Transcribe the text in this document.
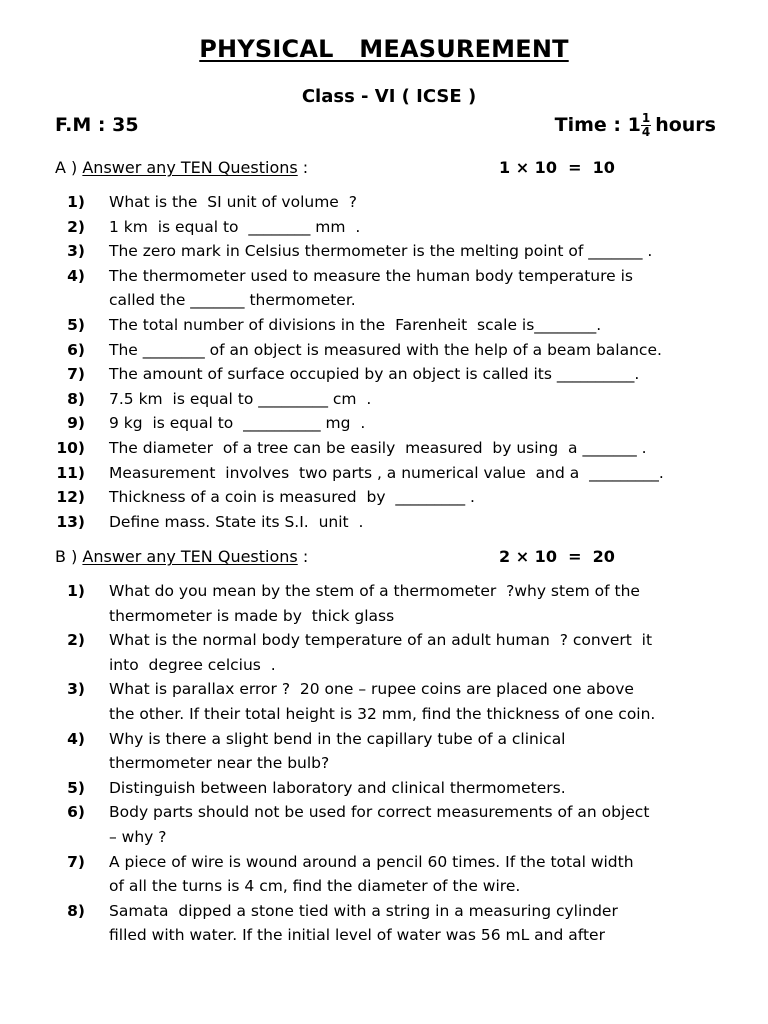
PHYSICAL   MEASUREMENT
Class - VI ( ICSE )
F.M : 35	Time : $1 \frac{1}{4}$ hours
A ) Answer any TEN Questions :	1 × 10  =  10
1) What is the  SI unit of volume  ?
2) 1 km  is equal to  ________ mm  .
3) The zero mark in Celsius thermometer is the melting point of _______ .
4) The thermometer used to measure the human body temperature is
called the _______ thermometer.
5) The total number of divisions in the  Farenheit  scale is________.
6) The ________ of an object is measured with the help of a beam balance.
7) The amount of surface occupied by an object is called its __________.
8) 7.5 km  is equal to _________ cm  .
9) 9 kg  is equal to  __________ mg  .
10) The diameter  of a tree can be easily  measured  by using  a _______ .
11) Measurement  involves  two parts , a numerical value  and a  _________.
12) Thickness of a coin is measured  by  _________ .
13) Define mass. State its S.I.  unit  .
B ) Answer any TEN Questions :	2 × 10  =  20
1) What do you mean by the stem of a thermometer  ?why stem of the
thermometer is made by  thick glass
2) What is the normal body temperature of an adult human  ? convert  it
into  degree celcius  .
3) What is parallax error ?  20 one – rupee coins are placed one above
the other. If their total height is 32 mm, find the thickness of one coin.
4) Why is there a slight bend in the capillary tube of a clinical
thermometer near the bulb?
5) Distinguish between laboratory and clinical thermometers.
6) Body parts should not be used for correct measurements of an object
– why ?
7) A piece of wire is wound around a pencil 60 times. If the total width
of all the turns is 4 cm, find the diameter of the wire.
8) Samata  dipped a stone tied with a string in a measuring cylinder
filled with water. If the initial level of water was 56 mL and after
